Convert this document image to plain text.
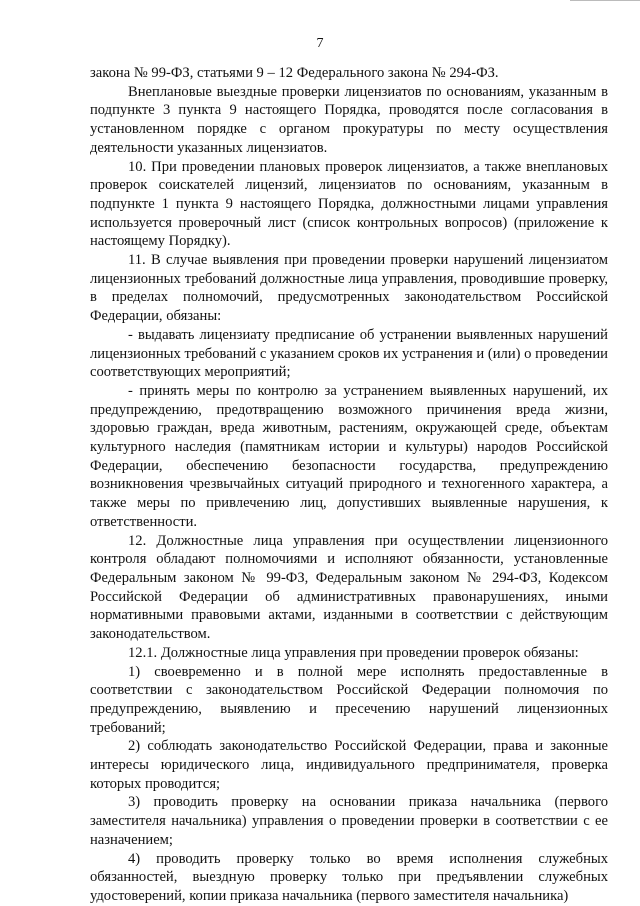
7

закона № 99-ФЗ, статьями 9 – 12 Федерального закона № 294-ФЗ.

Внеплановые выездные проверки лицензиатов по основаниям, указанным в подпункте 3 пункта 9 настоящего Порядка, проводятся после согласования в установленном порядке с органом прокуратуры по месту осуществления деятельности указанных лицензиатов.

10. При проведении плановых проверок лицензиатов, а также внеплановых проверок соискателей лицензий, лицензиатов по основаниям, указанным в подпункте 1 пункта 9 настоящего Порядка, должностными лицами управления используется проверочный лист (список контрольных вопросов) (приложение к настоящему Порядку).

11. В случае выявления при проведении проверки нарушений лицензиатом лицензионных требований должностные лица управления, проводившие проверку, в пределах полномочий, предусмотренных законодательством Российской Федерации, обязаны:

- выдавать лицензиату предписание об устранении выявленных нарушений лицензионных требований с указанием сроков их устранения и (или) о проведении соответствующих мероприятий;

- принять меры по контролю за устранением выявленных нарушений, их предупреждению, предотвращению возможного причинения вреда жизни, здоровью граждан, вреда животным, растениям, окружающей среде, объектам культурного наследия (памятникам истории и культуры) народов Российской Федерации, обеспечению безопасности государства, предупреждению возникновения чрезвычайных ситуаций природного и техногенного характера, а также меры по привлечению лиц, допустивших выявленные нарушения, к ответственности.

12. Должностные лица управления при осуществлении лицензионного контроля обладают полномочиями и исполняют обязанности, установленные Федеральным законом № 99-ФЗ, Федеральным законом № 294-ФЗ, Кодексом Российской Федерации об административных правонарушениях, иными нормативными правовыми актами, изданными в соответствии с действующим законодательством.

12.1. Должностные лица управления при проведении проверок обязаны:

1) своевременно и в полной мере исполнять предоставленные в соответствии с законодательством Российской Федерации полномочия по предупреждению, выявлению и пресечению нарушений лицензионных требований;

2) соблюдать законодательство Российской Федерации, права и законные интересы юридического лица, индивидуального предпринимателя, проверка которых проводится;

3) проводить проверку на основании приказа начальника (первого заместителя начальника) управления о проведении проверки в соответствии с ее назначением;

4) проводить проверку только во время исполнения служебных обязанностей, выездную проверку только при предъявлении служебных удостоверений, копии приказа начальника (первого заместителя начальника)
